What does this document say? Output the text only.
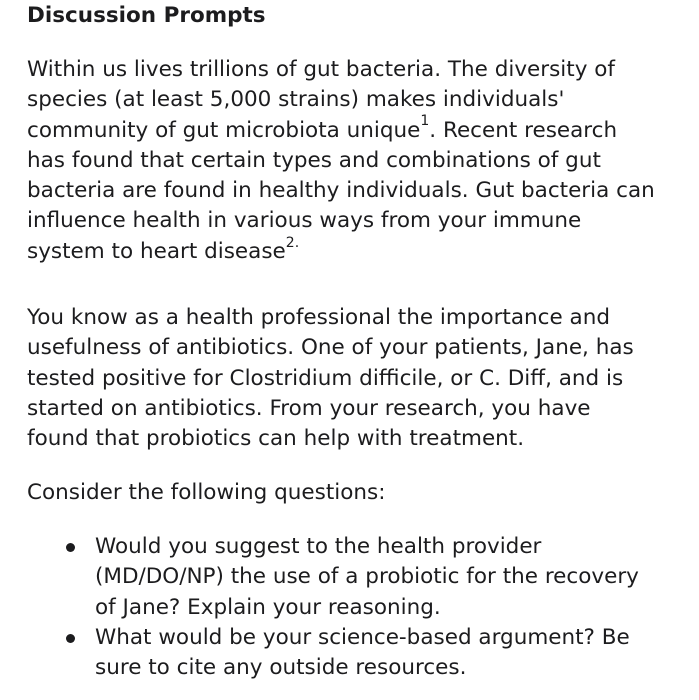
Discussion Prompts
Within us lives trillions of gut bacteria. The diversity of
species (at least 5,000 strains) makes individuals'
community of gut microbiota unique$^1$. Recent research
has found that certain types and combinations of gut
bacteria are found in healthy individuals. Gut bacteria can
influence health in various ways from your immune
system to heart disease$^{2.}$
You know as a health professional the importance and
usefulness of antibiotics. One of your patients, Jane, has
tested positive for Clostridium difficile, or C. Diff, and is
started on antibiotics. From your research, you have
found that probiotics can help with treatment.
Consider the following questions:
Would you suggest to the health provider
(MD/DO/NP) the use of a probiotic for the recovery
of Jane? Explain your reasoning.
What would be your science-based argument? Be
sure to cite any outside resources.
